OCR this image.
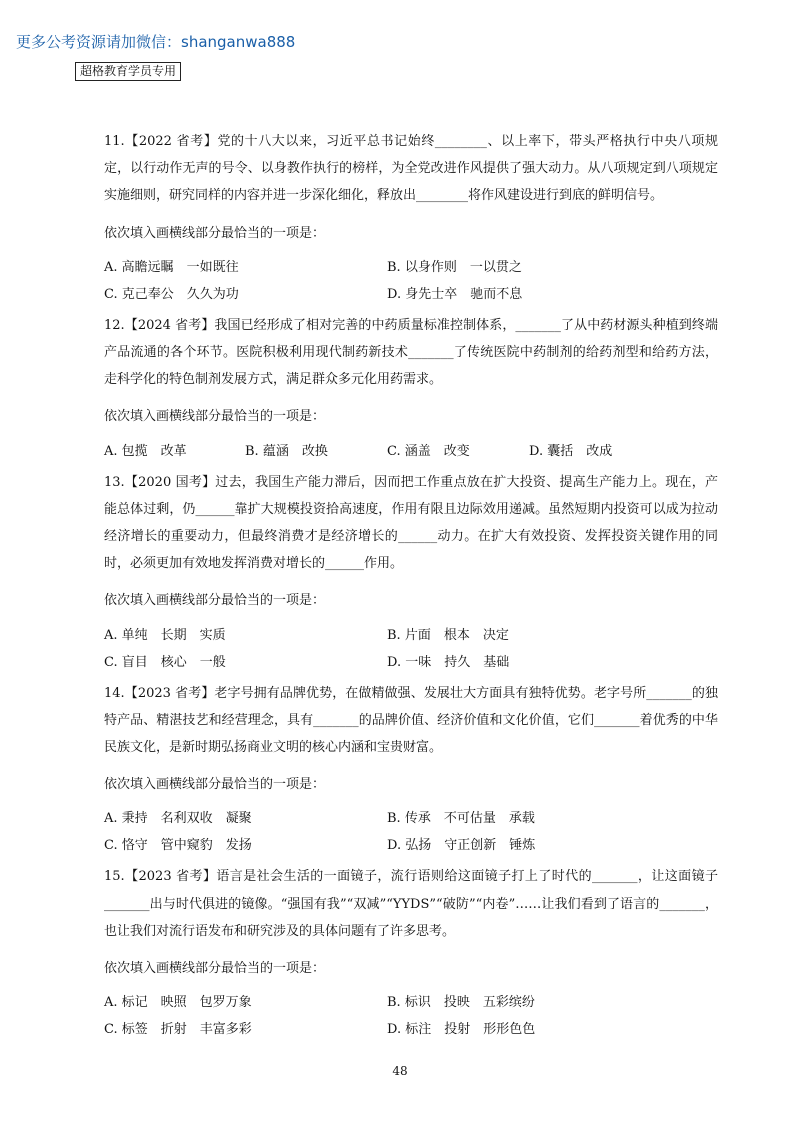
更多公考资源请加微信：shanganwa888
超格教育学员专用

11.【2022 省考】党的十八大以来，习近平总书记始终________、以上率下，带头严格执行中央八项规定，以行动作无声的号令、以身教作执行的榜样，为全党改进作风提供了强大动力。从八项规定到八项规定实施细则，研究同样的内容并进一步深化细化，释放出________将作风建设进行到底的鲜明信号。

依次填入画横线部分最恰当的一项是：

A. 高瞻远瞩　一如既往	B. 以身作则　一以贯之
C. 克己奉公　久久为功	D. 身先士卒　驰而不息

12.【2024 省考】我国已经形成了相对完善的中药质量标准控制体系，_______了从中药材源头种植到终端产品流通的各个环节。医院积极利用现代制药新技术_______了传统医院中药制剂的给药剂型和给药方法，走科学化的特色制剂发展方式，满足群众多元化用药需求。

依次填入画横线部分最恰当的一项是：

A. 包揽　改革	B. 蕴涵　改换	C. 涵盖　改变	D. 囊括　改成

13.【2020 国考】过去，我国生产能力滞后，因而把工作重点放在扩大投资、提高生产能力上。现在，产能总体过剩，仍______靠扩大规模投资拾高速度，作用有限且边际效用递减。虽然短期内投资可以成为拉动经济增长的重要动力，但最终消费才是经济增长的______动力。在扩大有效投资、发挥投资关键作用的同时，必须更加有效地发挥消费对增长的______作用。

依次填入画横线部分最恰当的一项是：

A. 单纯　长期　实质	B. 片面　根本　决定
C. 盲目　核心　一般	D. 一味　持久　基础

14.【2023 省考】老字号拥有品牌优势，在做精做强、发展壮大方面具有独特优势。老字号所_______的独特产品、精湛技艺和经营理念，具有_______的品牌价值、经济价值和文化价值，它们_______着优秀的中华民族文化，是新时期弘扬商业文明的核心内涵和宝贵财富。

依次填入画横线部分最恰当的一项是：

A. 秉持　名利双收　凝聚	B. 传承　不可估量　承载
C. 恪守　管中窥豹　发扬	D. 弘扬　守正创新　锤炼

15.【2023 省考】语言是社会生活的一面镜子，流行语则给这面镜子打上了时代的_______，让这面镜子_______出与时代俱进的镜像。“强国有我”“双减”“YYDS”“破防”“内卷”……让我们看到了语言的_______，也让我们对流行语发布和研究涉及的具体问题有了许多思考。

依次填入画横线部分最恰当的一项是：

A. 标记　映照　包罗万象	B. 标识　投映　五彩缤纷
C. 标签　折射　丰富多彩	D. 标注　投射　形形色色
48
